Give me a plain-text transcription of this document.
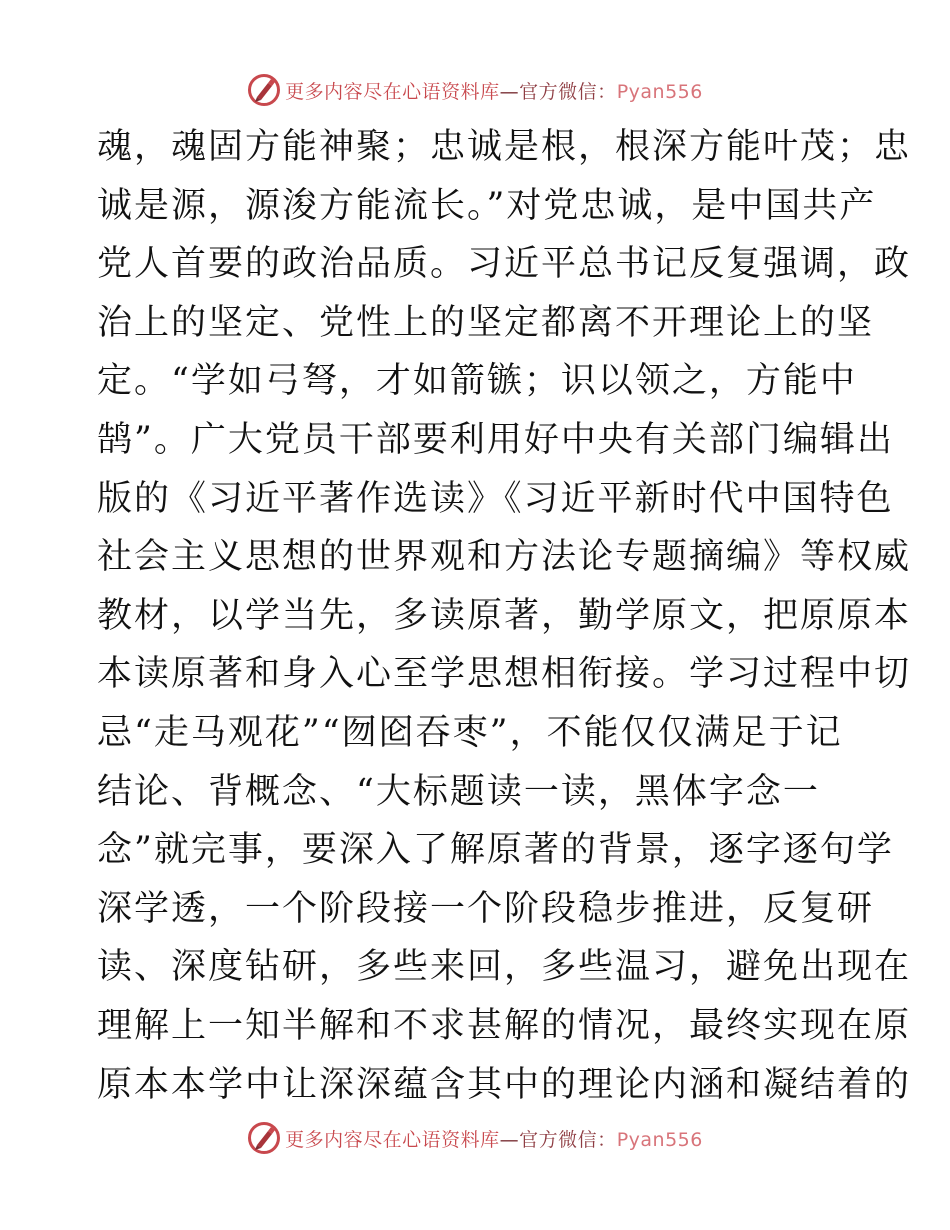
更多内容尽在心语资料库—官方微信：Pyan556
魂，魂固方能神聚；忠诚是根，根深方能叶茂；忠
诚是源，源浚方能流长。”对党忠诚，是中国共产
党人首要的政治品质。习近平总书记反复强调，政
治上的坚定、党性上的坚定都离不开理论上的坚
定。“学如弓弩，才如箭镞；识以领之，方能中
鹄”。广大党员干部要利用好中央有关部门编辑出
版的《习近平著作选读》《习近平新时代中国特色
社会主义思想的世界观和方法论专题摘编》等权威
教材，以学当先，多读原著，勤学原文，把原原本
本读原著和身入心至学思想相衔接。学习过程中切
忌“走马观花”“囫囵吞枣”，不能仅仅满足于记
结论、背概念、“大标题读一读，黑体字念一
念”就完事，要深入了解原著的背景，逐字逐句学
深学透，一个阶段接一个阶段稳步推进，反复研
读、深度钻研，多些来回，多些温习，避免出现在
理解上一知半解和不求甚解的情况，最终实现在原
原本本学中让深深蕴含其中的理论内涵和凝结着的
更多内容尽在心语资料库—官方微信：Pyan556
